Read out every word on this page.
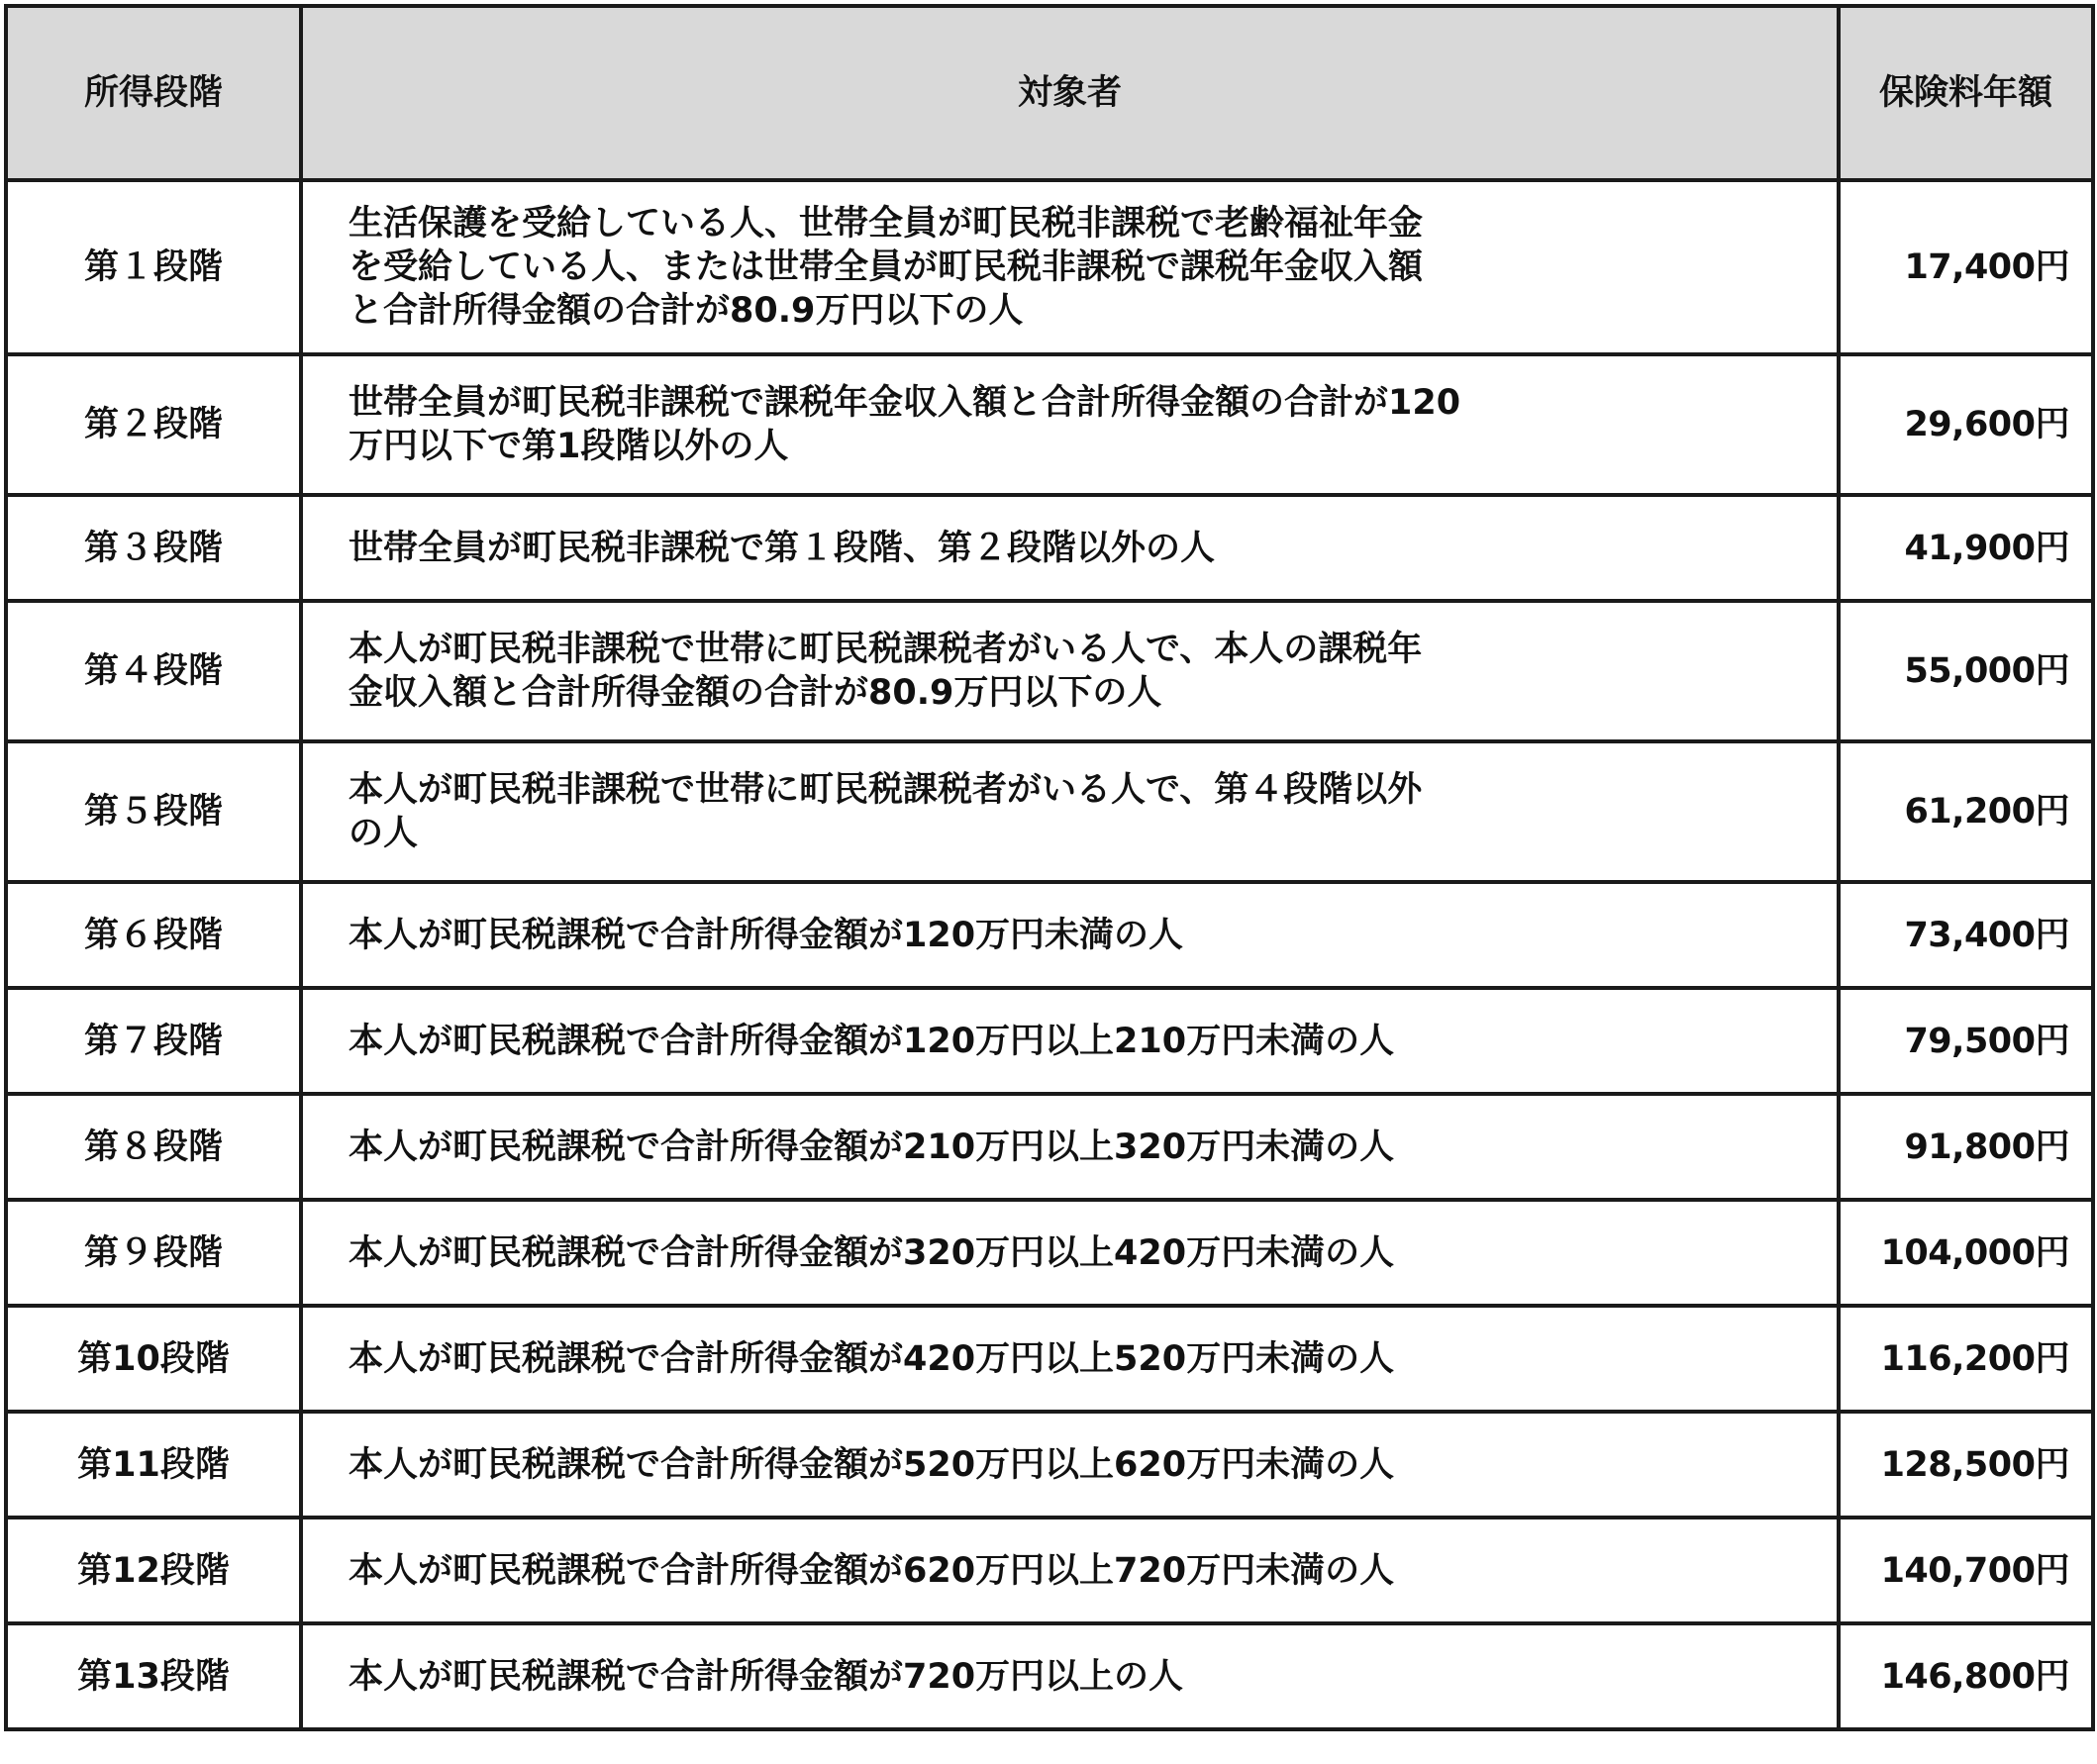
所得段階	対象者	保険料年額
第１段階	生活保護を受給している人、世帯全員が町民税非課税で老齢福祉年金
を受給している人、または世帯全員が町民税非課税で課税年金収入額
と合計所得金額の合計が80.9万円以下の人	17,400円
第２段階	世帯全員が町民税非課税で課税年金収入額と合計所得金額の合計が120
万円以下で第1段階以外の人	29,600円
第３段階	世帯全員が町民税非課税で第１段階、第２段階以外の人	41,900円
第４段階	本人が町民税非課税で世帯に町民税課税者がいる人で、本人の課税年
金収入額と合計所得金額の合計が80.9万円以下の人	55,000円
第５段階	本人が町民税非課税で世帯に町民税課税者がいる人で、第４段階以外
の人	61,200円
第６段階	本人が町民税課税で合計所得金額が120万円未満の人	73,400円
第７段階	本人が町民税課税で合計所得金額が120万円以上210万円未満の人	79,500円
第８段階	本人が町民税課税で合計所得金額が210万円以上320万円未満の人	91,800円
第９段階	本人が町民税課税で合計所得金額が320万円以上420万円未満の人	104,000円
第10段階	本人が町民税課税で合計所得金額が420万円以上520万円未満の人	116,200円
第11段階	本人が町民税課税で合計所得金額が520万円以上620万円未満の人	128,500円
第12段階	本人が町民税課税で合計所得金額が620万円以上720万円未満の人	140,700円
第13段階	本人が町民税課税で合計所得金額が720万円以上の人	146,800円
